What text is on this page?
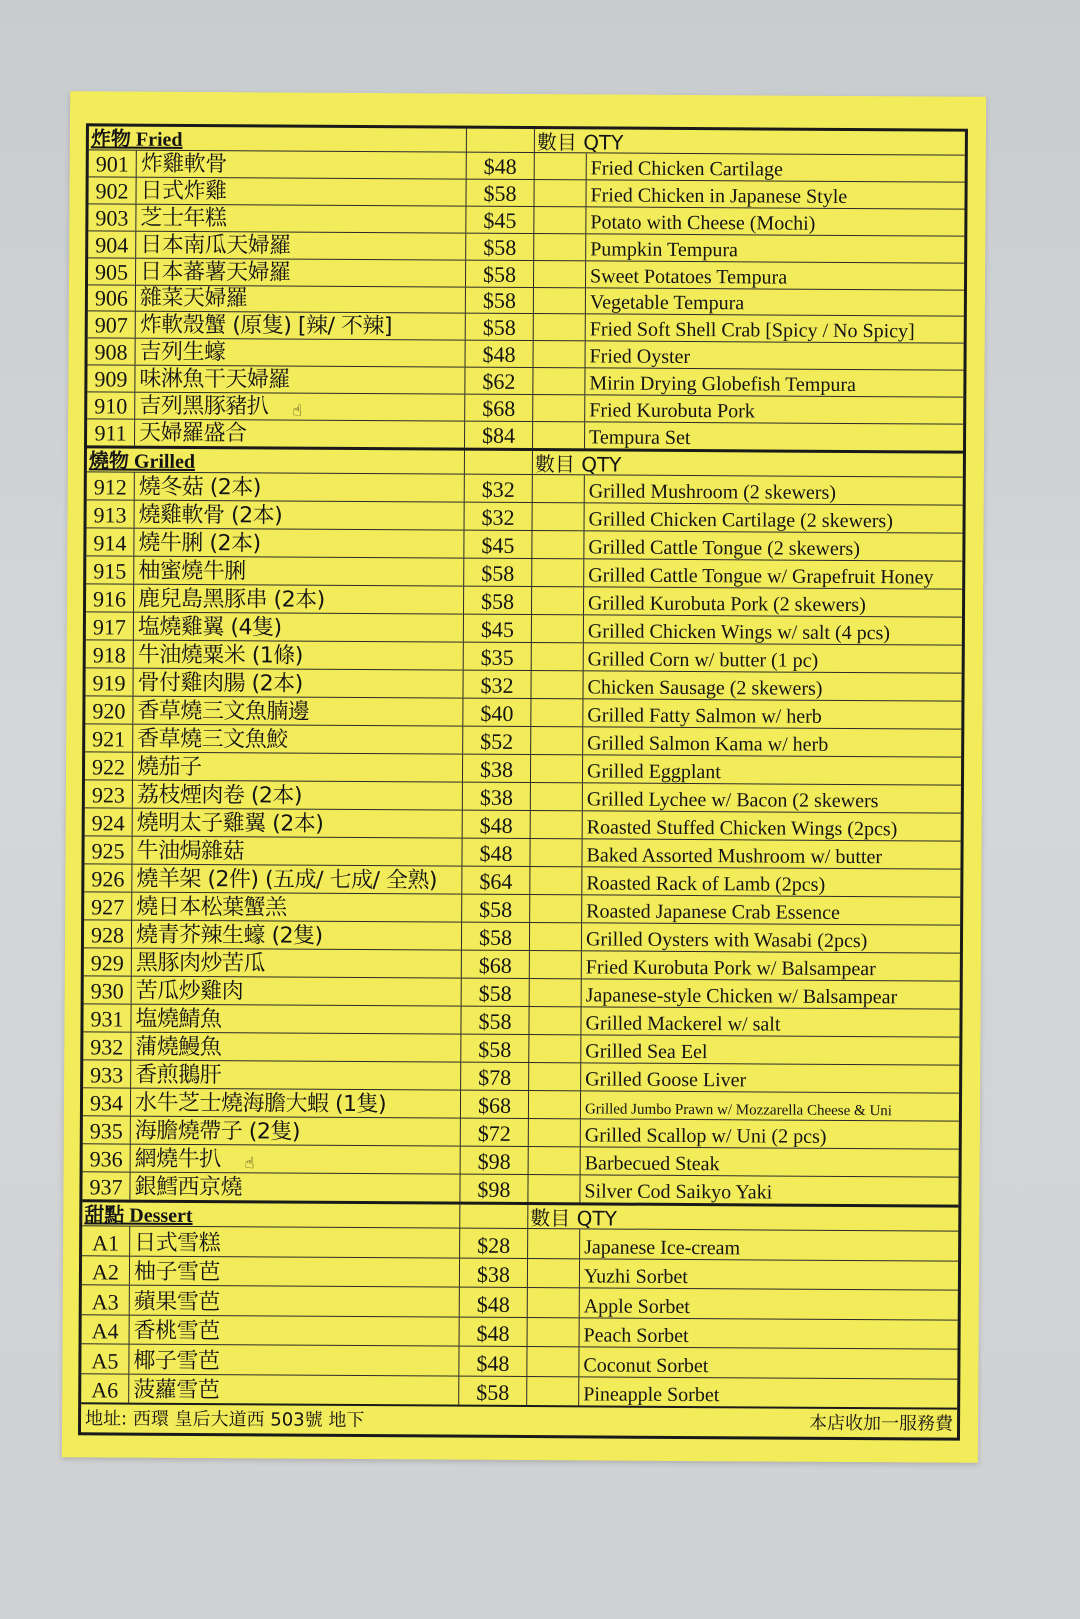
炸物 Fried	數目 QTY
901 炸雞軟骨	$48	Fried Chicken Cartilage
902 日式炸雞	$58	Fried Chicken in Japanese Style
903 芝士年糕	$45	Potato with Cheese (Mochi)
904 日本南瓜天婦羅	$58	Pumpkin Tempura
905 日本蕃薯天婦羅	$58	Sweet Potatoes Tempura
906 雜菜天婦羅	$58	Vegetable Tempura
907 炸軟殼蟹 (原隻) [辣/ 不辣]	$58	Fried Soft Shell Crab [Spicy / No Spicy]
908 吉列生蠔	$48	Fried Oyster
909 味淋魚干天婦羅	$62	Mirin Drying Globefish Tempura
910 吉列黑豚豬扒 ☝	$68	Fried Kurobuta Pork
911 天婦羅盛合	$84	Tempura Set
燒物 Grilled	數目 QTY
912 燒冬菇 (2本)	$32	Grilled Mushroom (2 skewers)
913 燒雞軟骨 (2本)	$32	Grilled Chicken Cartilage (2 skewers)
914 燒牛脷 (2本)	$45	Grilled Cattle Tongue (2 skewers)
915 柚蜜燒牛脷	$58	Grilled Cattle Tongue w/ Grapefruit Honey
916 鹿兒島黑豚串 (2本)	$58	Grilled Kurobuta Pork (2 skewers)
917 塩燒雞翼 (4隻)	$45	Grilled Chicken Wings w/ salt (4 pcs)
918 牛油燒粟米 (1條)	$35	Grilled Corn w/ butter (1 pc)
919 骨付雞肉腸 (2本)	$32	Chicken Sausage (2 skewers)
920 香草燒三文魚腩邊	$40	Grilled Fatty Salmon w/ herb
921 香草燒三文魚鮫	$52	Grilled Salmon Kama w/ herb
922 燒茄子	$38	Grilled Eggplant
923 荔枝煙肉卷 (2本)	$38	Grilled Lychee w/ Bacon (2 skewers
924 燒明太子雞翼 (2本)	$48	Roasted Stuffed Chicken Wings (2pcs)
925 牛油焗雜菇	$48	Baked Assorted Mushroom w/ butter
926 燒羊架 (2件) (五成/ 七成/ 全熟)	$64	Roasted Rack of Lamb (2pcs)
927 燒日本松葉蟹羔	$58	Roasted Japanese Crab Essence
928 燒青芥辣生蠔 (2隻)	$58	Grilled Oysters with Wasabi (2pcs)
929 黑豚肉炒苦瓜	$68	Fried Kurobuta Pork w/ Balsampear
930 苦瓜炒雞肉	$58	Japanese-style Chicken w/ Balsampear
931 塩燒鯖魚	$58	Grilled Mackerel w/ salt
932 蒲燒鰻魚	$58	Grilled Sea Eel
933 香煎鵝肝	$78	Grilled Goose Liver
934 水牛芝士燒海膽大蝦 (1隻)	$68	Grilled Jumbo Prawn w/ Mozzarella Cheese & Uni
935 海膽燒帶子 (2隻)	$72	Grilled Scallop w/ Uni (2 pcs)
936 網燒牛扒 ☝	$98	Barbecued Steak
937 銀鱈西京燒	$98	Silver Cod Saikyo Yaki
甜點 Dessert	數目 QTY
A1 日式雪糕	$28	Japanese Ice-cream
A2 柚子雪芭	$38	Yuzhi Sorbet
A3 蘋果雪芭	$48	Apple Sorbet
A4 香桃雪芭	$48	Peach Sorbet
A5 椰子雪芭	$48	Coconut Sorbet
A6 菠蘿雪芭	$58	Pineapple Sorbet
地址: 西環 皇后大道西 503號 地下	本店收加一服務費
